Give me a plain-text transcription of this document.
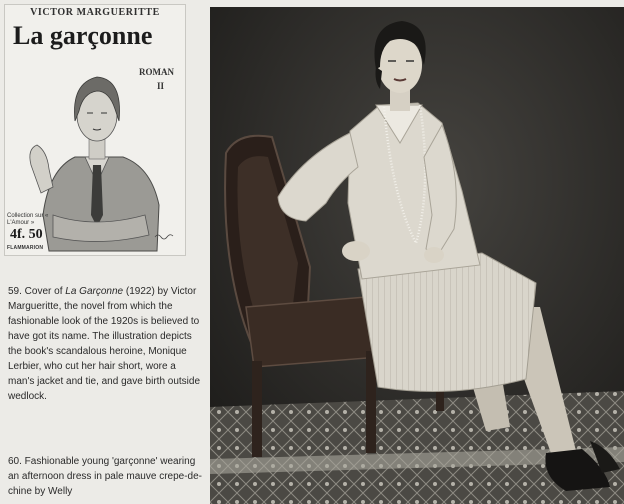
VICTOR MARGUERITTE
La garçonne
ROMAN
II
Collection sur « L'Amour »
4f. 50
FLAMMARION

59. Cover of La Garçonne (1922) by Victor Margueritte, the novel from which the fashionable look of the 1920s is believed to have got its name. The illustration depicts the book's scandalous heroine, Monique Lerbier, who cut her hair short, wore a man's jacket and tie, and gave birth outside wedlock.

60. Fashionable young 'garçonne' wearing an afternoon dress in pale mauve crepe-de-chine by Welly
